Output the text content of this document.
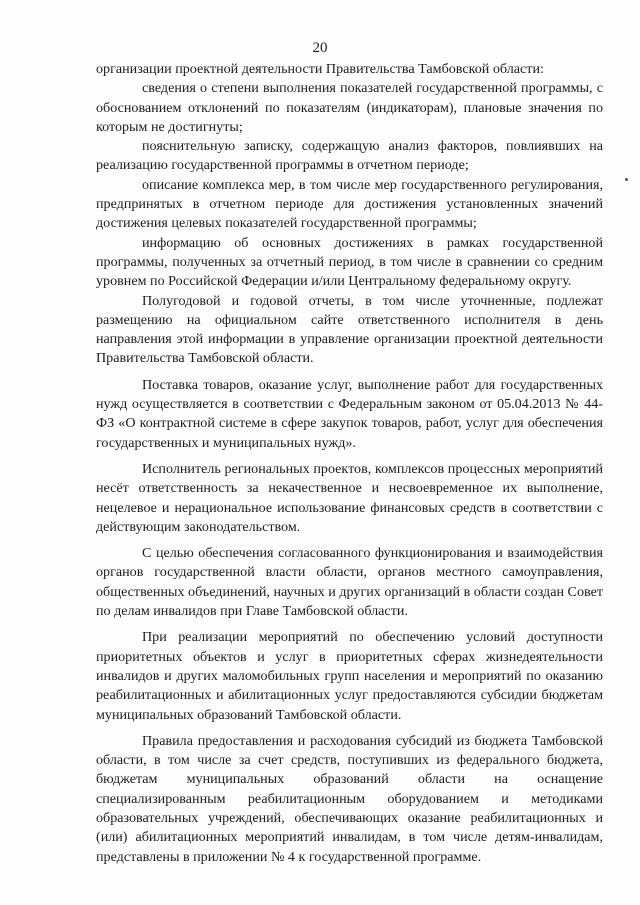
20

организации проектной деятельности Правительства Тамбовской области:

сведения о степени выполнения показателей государственной программы, с обоснованием отклонений по показателям (индикаторам), плановые значения по которым не достигнуты;

пояснительную записку, содержащую анализ факторов, повлиявших на реализацию государственной программы в отчетном периоде;

описание комплекса мер, в том числе мер государственного регулирования, предпринятых в отчетном периоде для достижения установленных значений достижения целевых показателей государственной программы;

информацию об основных достижениях в рамках государственной программы, полученных за отчетный период, в том числе в сравнении со средним уровнем по Российской Федерации и/или Центральному федеральному округу.

Полугодовой и годовой отчеты, в том числе уточненные, подлежат размещению на официальном сайте ответственного исполнителя в день направления этой информации в управление организации проектной деятельности Правительства Тамбовской области.

Поставка товаров, оказание услуг, выполнение работ для государственных нужд осуществляется в соответствии с Федеральным законом от 05.04.2013 № 44-ФЗ «О контрактной системе в сфере закупок товаров, работ, услуг для обеспечения государственных и муниципальных нужд».

Исполнитель региональных проектов, комплексов процессных мероприятий несёт ответственность за некачественное и несвоевременное их выполнение, нецелевое и нерациональное использование финансовых средств в соответствии с действующим законодательством.

С целью обеспечения согласованного функционирования и взаимодействия органов государственной власти области, органов местного самоуправления, общественных объединений, научных и других организаций в области создан Совет по делам инвалидов при Главе Тамбовской области.

При реализации мероприятий по обеспечению условий доступности приоритетных объектов и услуг в приоритетных сферах жизнедеятельности инвалидов и других маломобильных групп населения и мероприятий по оказанию реабилитационных и абилитационных услуг предоставляются субсидии бюджетам муниципальных образований Тамбовской области.

Правила предоставления и расходования субсидий из бюджета Тамбовской области, в том числе за счет средств, поступивших из федерального бюджета, бюджетам муниципальных образований области на оснащение специализированным реабилитационным оборудованием и методиками образовательных учреждений, обеспечивающих оказание реабилитационных и (или) абилитационных мероприятий инвалидам, в том числе детям-инвалидам, представлены в приложении № 4 к государственной программе.
